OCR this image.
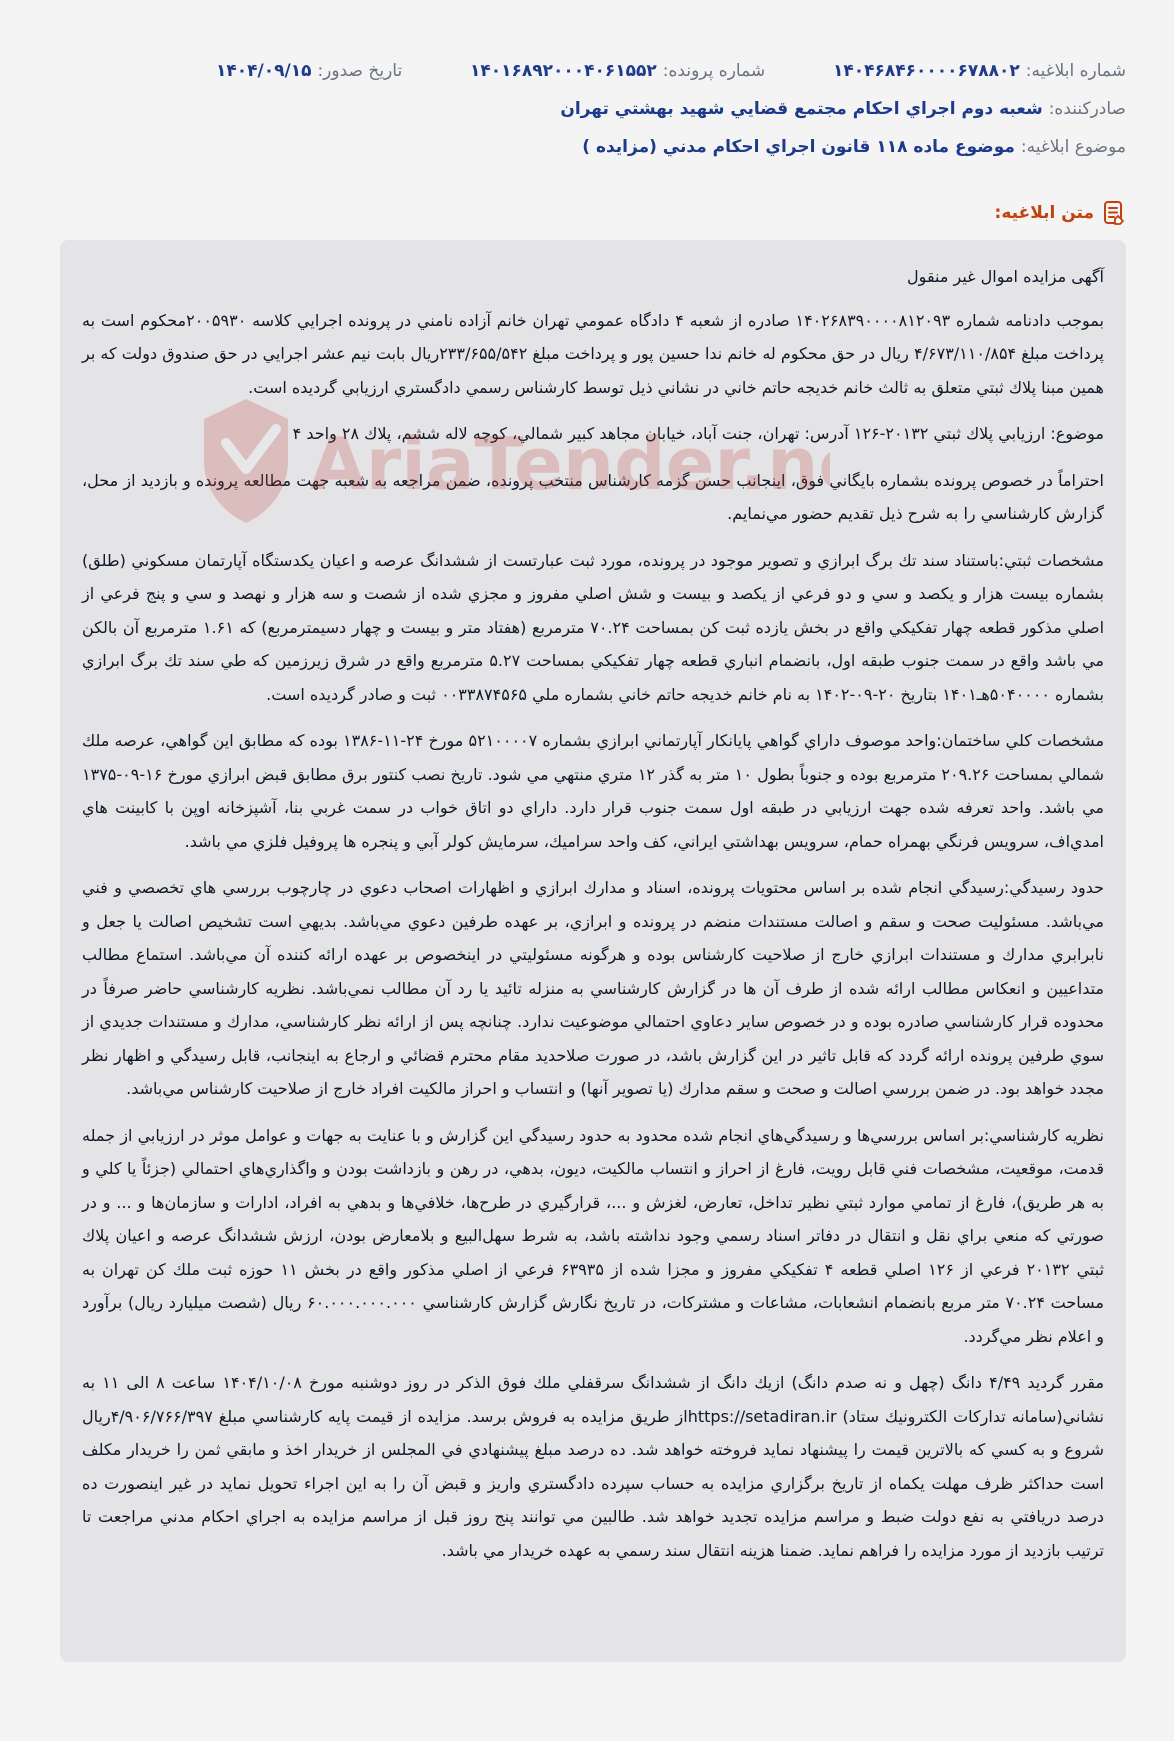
شماره ابلاغيه:
۱۴۰۴۶۸۴۶۰۰۰۰۶۷۸۸۰۲
شماره پرونده:
۱۴۰۱۶۸۹۲۰۰۰۴۰۶۱۵۵۲
تاريخ صدور:
۱۴۰۴/۰۹/۱۵
صادرکننده:
شعبه دوم اجراي احكام مجتمع قضايي شهيد بهشتي تهران
موضوع ابلاغيه:
موضوع ماده ۱۱۸ قانون اجراي احكام مدني (مزايده )
متن ابلاغيه:

آگهی مزايده اموال غير منقول

بموجب دادنامه شماره ۱۴۰۲۶۸۳۹۰۰۰۰۸۱۲۰۹۳ صادره از شعبه ۴ دادگاه عمومي تهران خانم آزاده نامني در پرونده اجرايي كلاسه ۲۰۰۵۹۳۰محكوم است به پرداخت مبلغ ۴/۶۷۳/۱۱۰/۸۵۴ ريال در حق محكوم له خانم ندا حسين پور و پرداخت مبلغ ۲۳۳/۶۵۵/۵۴۲ريال بابت نيم عشر اجرايي در حق صندوق دولت كه بر همين مبنا پلاك ثبتي متعلق به ثالث خانم خديجه حاتم خاني در نشاني ذيل توسط كارشناس رسمي دادگستري ارزيابي گرديده است.

موضوع: ارزيابي پلاك ثبتي ۲۰۱۳۲-۱۲۶ آدرس: تهران، جنت آباد، خيابان مجاهد كبير شمالي، كوچه لاله ششم، پلاك ۲۸ واحد ۴

احتراماً در خصوص پرونده بشماره بايگاني فوق، اينجانب حسن گزمه كارشناس منتخب پرونده، ضمن مراجعه به شعبه جهت مطالعه پرونده و بازديد از محل، گزارش كارشناسي را به شرح ذيل تقديم حضور مي‌نمايم.

مشخصات ثبتي:باستناد سند تك برگ ابرازي و تصوير موجود در پرونده، مورد ثبت عبارتست از ششدانگ عرصه و اعيان يكدستگاه آپارتمان مسكوني (طلق) بشماره بيست هزار و يكصد و سي و دو فرعي از يكصد و بيست و شش اصلي مفروز و مجزي شده از شصت و سه هزار و نهصد و سي و پنج فرعي از اصلي مذكور قطعه چهار تفكيكي واقع در بخش يازده ثبت كن بمساحت ۷۰.۲۴ مترمربع (هفتاد متر و بيست و چهار دسيمترمربع) كه ۱.۶۱ مترمربع آن بالكن مي باشد واقع در سمت جنوب طبقه اول، بانضمام انباري قطعه چهار تفكيكي بمساحت ۵.۲۷ مترمربع واقع در شرق زيرزمين كه طي سند تك برگ ابرازي بشماره ۵۰۴۰۰۰۰هـ۱۴۰۱ بتاريخ ۲۰-۰۹-۱۴۰۲ به نام خانم خديجه حاتم خاني بشماره ملي ۰۰۳۳۸۷۴۵۶۵ ثبت و صادر گرديده است.

مشخصات كلي ساختمان:واحد موصوف داراي گواهي پايانكار آپارتماني ابرازي بشماره ۵۲۱۰۰۰۰۷ مورخ ۲۴-۱۱-۱۳۸۶ بوده كه مطابق اين گواهي، عرصه ملك شمالي بمساحت ۲۰۹.۲۶ مترمربع بوده و جنوباً بطول ۱۰ متر به گذر ۱۲ متري منتهي مي شود. تاريخ نصب كنتور برق مطابق قبض ابرازي مورخ ۱۶-۰۹-۱۳۷۵ مي باشد. واحد تعرفه شده جهت ارزيابي در طبقه اول سمت جنوب قرار دارد. داراي دو اتاق خواب در سمت غربي بنا، آشپزخانه اوپن با كابينت هاي امدي‌اف، سرويس فرنگي بهمراه حمام، سرويس بهداشتي ايراني، كف واحد سراميك، سرمايش كولر آبي و پنجره ها پروفيل فلزي مي باشد.

حدود رسيدگي:رسيدگي انجام شده بر اساس محتويات پرونده، اسناد و مدارك ابرازي و اظهارات اصحاب دعوي در چارچوب بررسي هاي تخصصي و فني مي‌باشد. مسئوليت صحت و سقم و اصالت مستندات منضم در پرونده و ابرازي، بر عهده طرفين دعوي مي‌باشد. بديهي است تشخيص اصالت يا جعل و نابرابري مدارك و مستندات ابرازي خارج از صلاحيت كارشناس بوده و هرگونه مسئوليتي در اينخصوص بر عهده ارائه كننده آن مي‌باشد. استماع مطالب متداعيين و انعكاس مطالب ارائه شده از طرف آن ها در گزارش كارشناسي به منزله تائيد يا رد آن مطالب نمي‌باشد. نظريه كارشناسي حاضر صرفاً در محدوده قرار كارشناسي صادره بوده و در خصوص ساير دعاوي احتمالي موضوعيت ندارد. چنانچه پس از ارائه نظر كارشناسي، مدارك و مستندات جديدي از سوي طرفين پرونده ارائه گردد كه قابل تاثير در اين گزارش باشد، در صورت صلاحديد مقام محترم قضائي و ارجاع به اينجانب، قابل رسيدگي و اظهار نظر مجدد خواهد بود. در ضمن بررسي اصالت و صحت و سقم مدارك (يا تصوير آنها) و انتساب و احراز مالكيت افراد خارج از صلاحيت كارشناس مي‌باشد.

نظريه كارشناسي:بر اساس بررسي‌ها و رسيدگي‌هاي انجام شده محدود به حدود رسيدگي اين گزارش و با عنايت به جهات و عوامل موثر در ارزيابي از جمله قدمت، موقعيت، مشخصات فني قابل رويت، فارغ از احراز و انتساب مالكيت، ديون، بدهي، در رهن و بازداشت بودن و واگذاري‌هاي احتمالي (جزئاً يا كلي و به هر طريق)، فارغ از تمامي موارد ثبتي نظير تداخل، تعارض، لغزش و ...، قرارگيري در طرح‌ها، خلافي‌ها و بدهي به افراد، ادارات و سازمان‌ها و ... و در صورتي كه منعي براي نقل و انتقال در دفاتر اسناد رسمي وجود نداشته باشد، به شرط سهل‌البيع و بلامعارض بودن، ارزش ششدانگ عرصه و اعيان پلاك ثبتي ۲۰۱۳۲ فرعي از ۱۲۶ اصلي قطعه ۴ تفكيكي مفروز و مجزا شده از ۶۳۹۳۵ فرعي از اصلي مذكور واقع در بخش ۱۱ حوزه ثبت ملك كن تهران به مساحت ۷۰.۲۴ متر مربع بانضمام انشعابات، مشاعات و مشتركات، در تاريخ نگارش گزارش كارشناسي ۶۰.۰۰۰.۰۰۰.۰۰۰ ريال (شصت ميليارد ريال) برآورد و اعلام نظر مي‌گردد.

مقرر گرديد ۴/۴۹ دانگ (چهل و نه صدم دانگ) ازيك دانگ از ششدانگ سرقفلي ملك فوق الذكر در روز دوشنبه مورخ ۱۴۰۴/۱۰/۰۸ ساعت ۸ الی ۱۱ به نشاني(سامانه تداركات الكترونيك ستاد) https://setadiran.irاز طريق مزايده به فروش برسد. مزايده از قيمت پايه كارشناسي مبلغ ۴/۹۰۶/۷۶۶/۳۹۷ريال شروع و به كسي كه بالاترين قيمت را پيشنهاد نمايد فروخته خواهد شد. ده درصد مبلغ پيشنهادي في المجلس از خريدار اخذ و مابقي ثمن را خريدار مكلف است حداكثر ظرف مهلت يكماه از تاريخ برگزاري مزايده به حساب سپرده دادگستري واريز و قبض آن را به اين اجراء تحويل نمايد در غير اينصورت ده درصد دريافتي به نفع دولت ضبط و مراسم مزايده تجديد خواهد شد. طالبين مي توانند پنج روز قبل از مراسم مزايده به اجراي احكام مدني مراجعت تا ترتيب بازديد از مورد مزايده را فراهم نمايد. ضمنا هزينه انتقال سند رسمي به عهده خريدار مي باشد.

AriaTender.n
